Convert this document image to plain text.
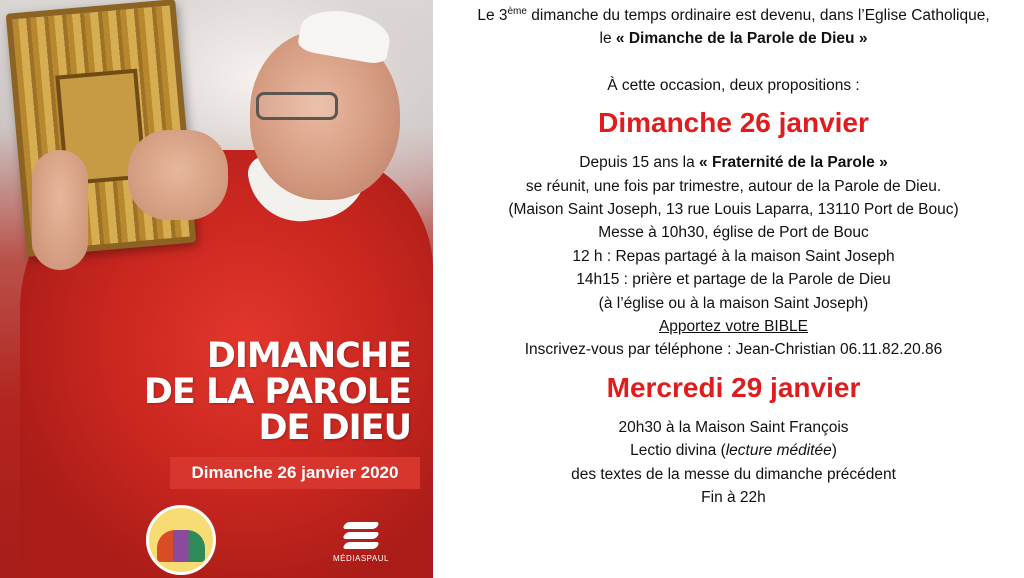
DIMANCHE
DE LA PAROLE
DE DIEU
Dimanche 26 janvier 2020
MÉDIASPAUL

Le 3ème dimanche du temps ordinaire est devenu, dans l’Eglise Catholique,

le « Dimanche de la Parole de Dieu »

À cette occasion, deux propositions :

Dimanche 26 janvier

Depuis 15 ans la « Fraternité de la Parole »

se réunit, une fois par trimestre, autour de la Parole de Dieu.

(Maison Saint Joseph, 13 rue Louis Laparra, 13110 Port de Bouc)

Messe à 10h30, église de Port de Bouc

12 h : Repas partagé à la maison Saint Joseph

14h15 : prière et partage de la Parole de Dieu

(à l’église ou à la maison Saint Joseph)

Apportez votre BIBLE

Inscrivez-vous par téléphone : Jean-Christian 06.11.82.20.86

Mercredi 29 janvier

20h30 à la Maison Saint François

Lectio divina (lecture méditée)

des textes de la messe du dimanche précédent

Fin à 22h
